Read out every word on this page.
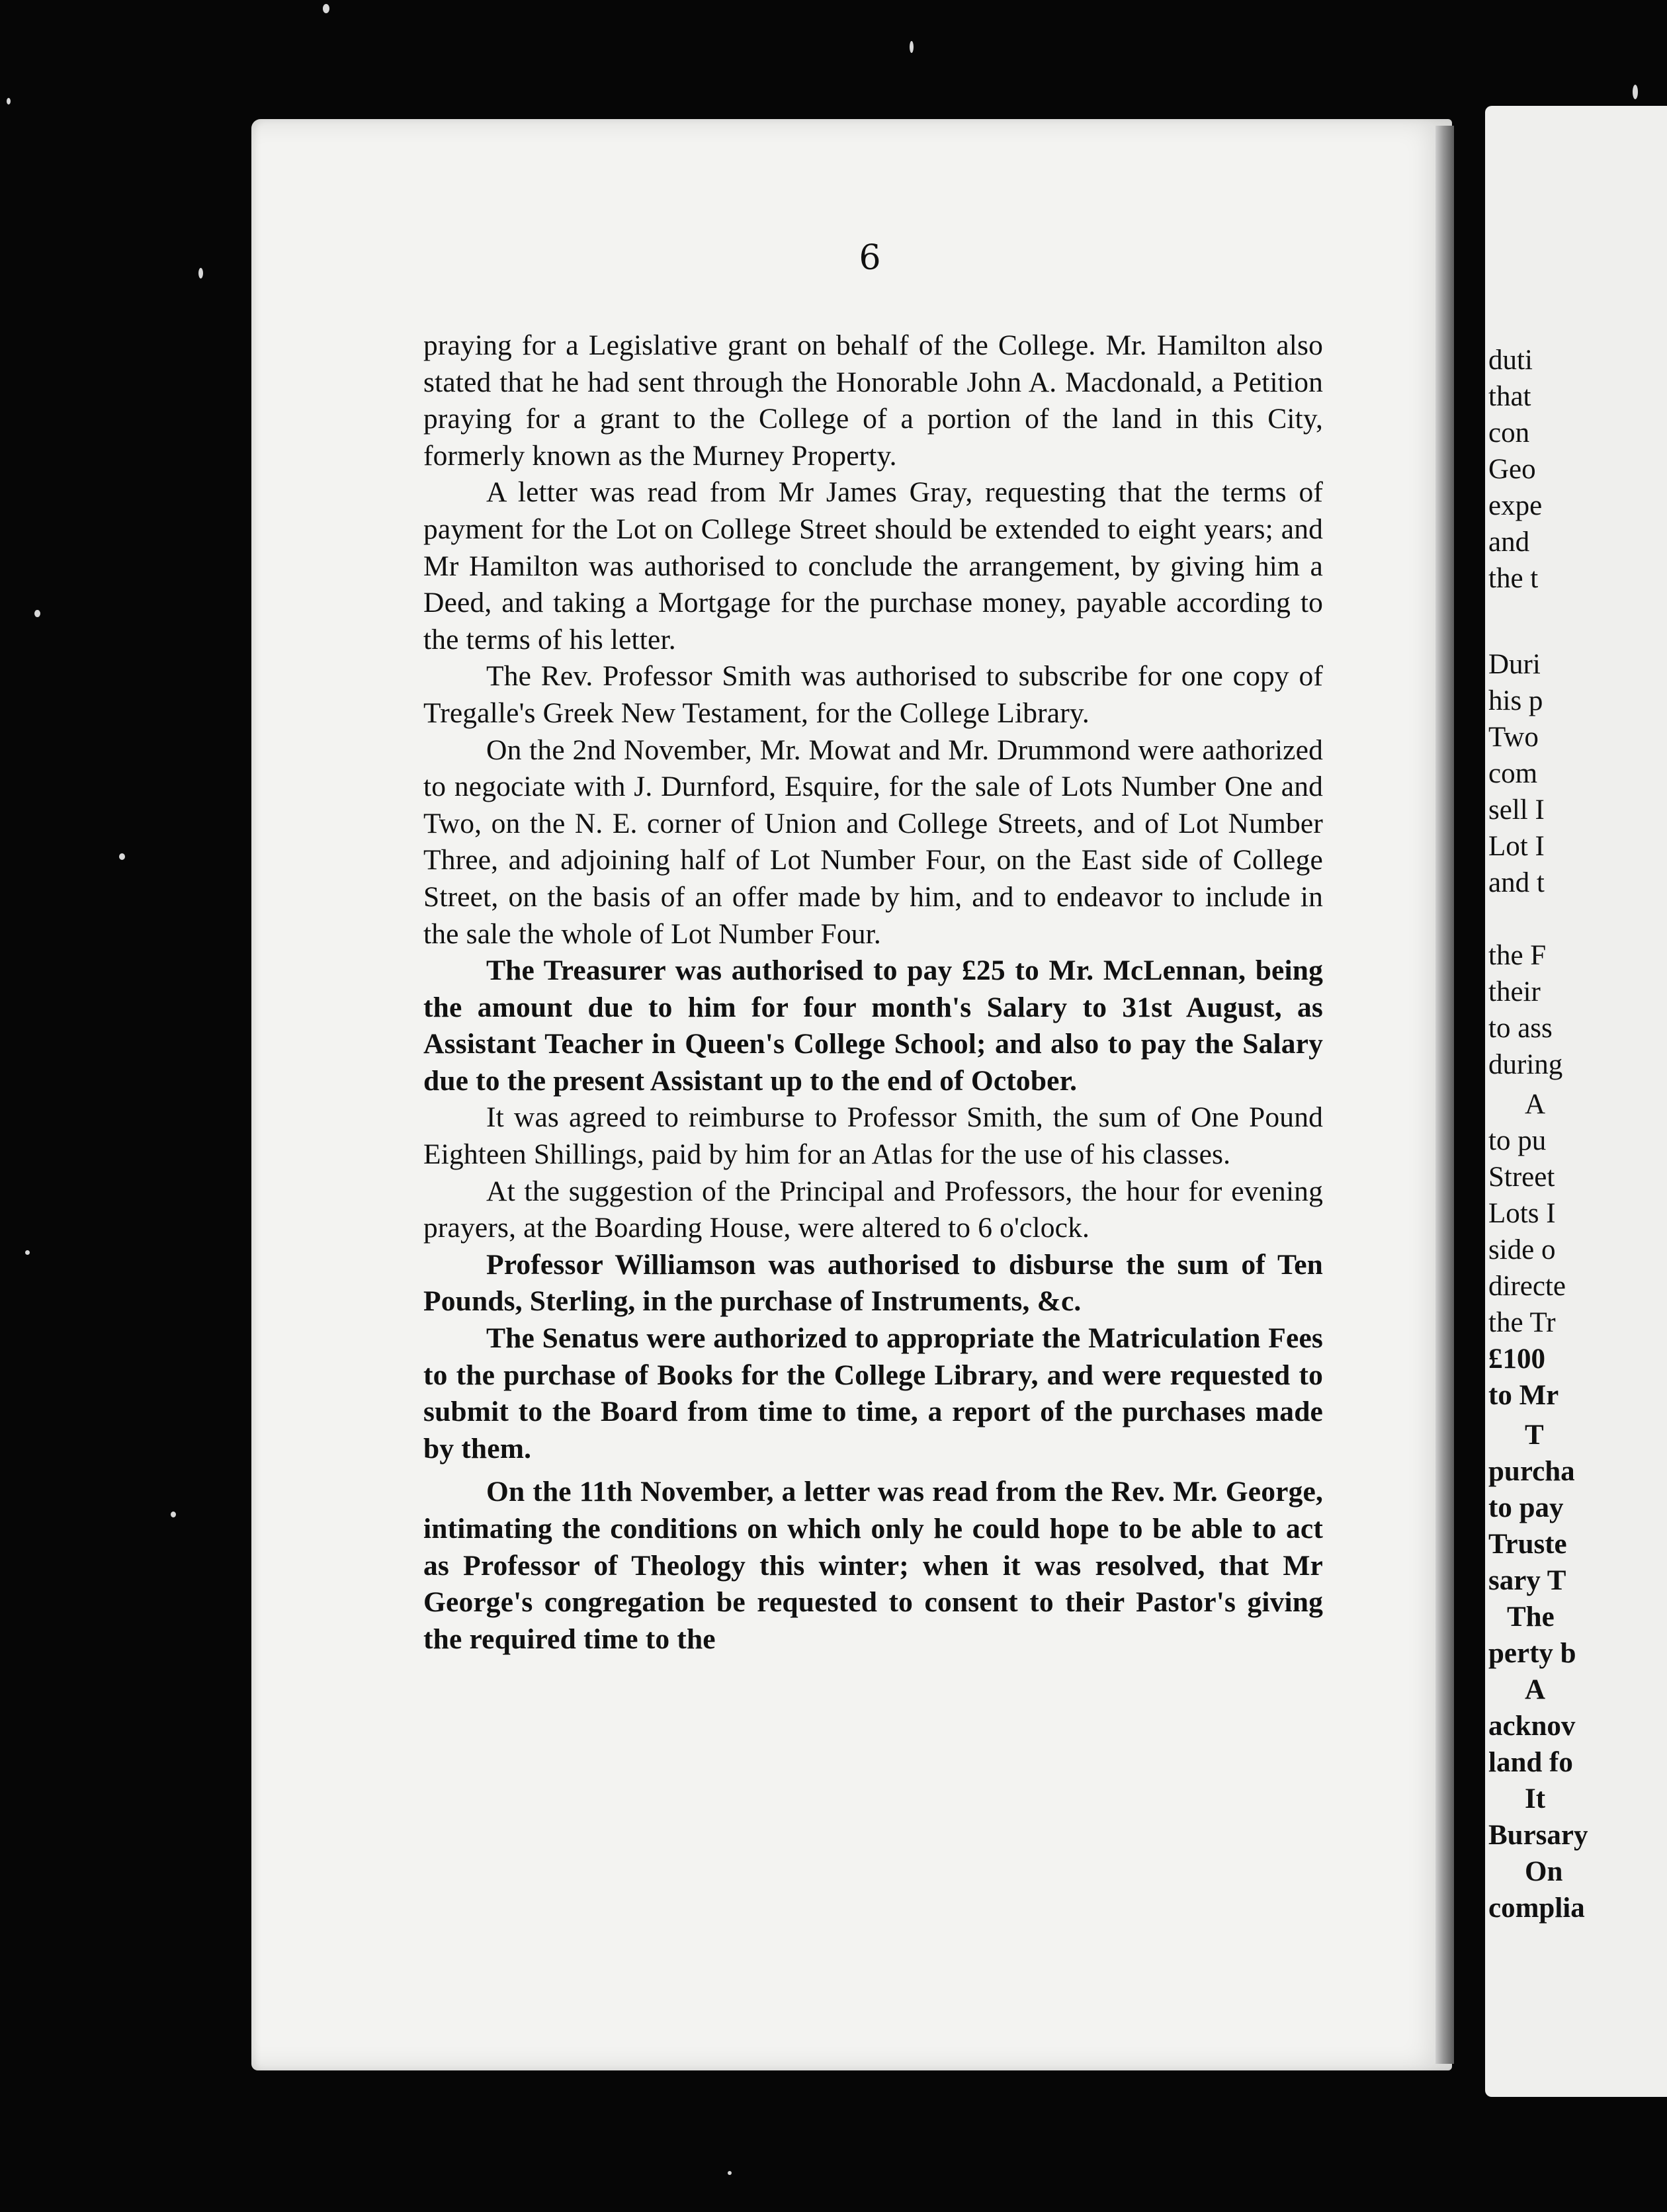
6

praying for a Legislative grant on behalf of the College. Mr. Hamilton also stated that he had sent through the Honorable John A. Macdonald, a Petition praying for a grant to the College of a portion of the land in this City, formerly known as the Murney Property.

A letter was read from Mr James Gray, requesting that the terms of payment for the Lot on College Street should be extended to eight years; and Mr Hamilton was authorised to conclude the arrangement, by giving him a Deed, and taking a Mortgage for the purchase money, payable according to the terms of his letter.

The Rev. Professor Smith was authorised to subscribe for one copy of Tregalle's Greek New Testament, for the College Library.

On the 2nd November, Mr. Mowat and Mr. Drummond were aathorized to negociate with J. Durnford, Esquire, for the sale of Lots Number One and Two, on the N. E. corner of Union and College Streets, and of Lot Number Three, and adjoining half of Lot Number Four, on the East side of College Street, on the basis of an offer made by him, and to endeavor to include in the sale the whole of Lot Number Four.

The Treasurer was authorised to pay £25 to Mr. McLennan, being the amount due to him for four month's Salary to 31st August, as Assistant Teacher in Queen's College School; and also to pay the Salary due to the present Assistant up to the end of October.

It was agreed to reimburse to Professor Smith, the sum of One Pound Eighteen Shillings, paid by him for an Atlas for the use of his classes.

At the suggestion of the Principal and Professors, the hour for evening prayers, at the Boarding House, were altered to 6 o'clock.

Professor Williamson was authorised to disburse the sum of Ten Pounds, Sterling, in the purchase of Instruments, &c.

The Senatus were authorized to appropriate the Matriculation Fees to the purchase of Books for the College Library, and were requested to submit to the Board from time to time, a report of the purchases made by them.

On the 11th November, a letter was read from the Rev. Mr. George, intimating the conditions on which only he could hope to be able to act as Professor of Theology this winter; when it was resolved, that Mr George's congregation be requested to consent to their Pastor's giving the required time to the

duti
that
con
Geo
expe
and
the t
Duri
his p
Two
com
sell I
Lot I
and t
the F
their
to ass
during
A
to pu
Street
Lots I
side o
directe
the Tr
£100
to Mr
T
purcha
to pay
Truste
sary T
The
perty b
A
acknov
land fo
It
Bursary
On
complia
